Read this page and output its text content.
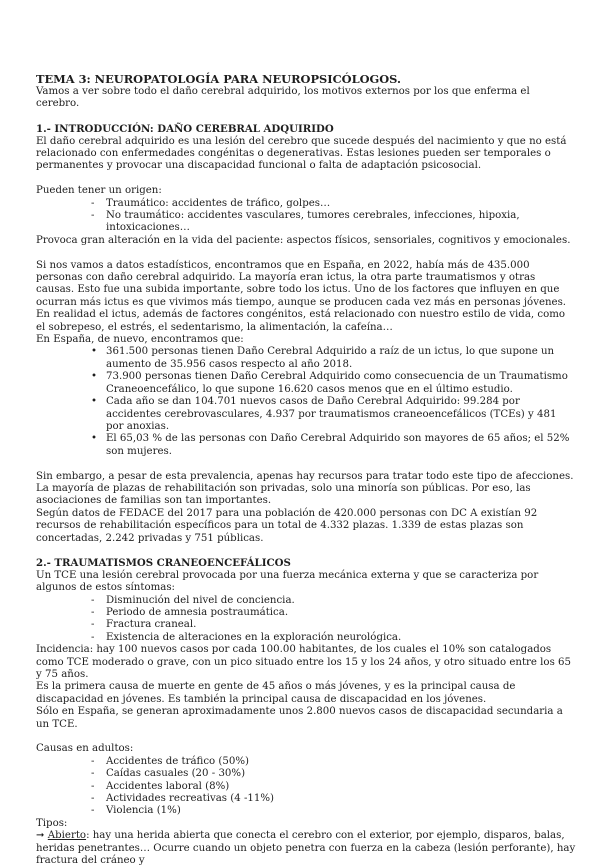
TEMA 3: NEUROPATOLOGÍA PARA NEUROPSICÓLOGOS.

Vamos a ver sobre todo el daño cerebral adquirido, los motivos externos por los que enferma el cerebro.

1.- INTRODUCCIÓN: DAÑO CEREBRAL ADQUIRIDO

El daño cerebral adquirido es una lesión del cerebro que sucede después del nacimiento y que no está relacionado con enfermedades congénitas o degenerativas. Estas lesiones pueden ser temporales o permanentes y provocar una discapacidad funcional o falta de adaptación psicosocial.

Pueden tener un origen:

- Traumático: accidentes de tráfico, golpes…
- No traumático: accidentes vasculares, tumores cerebrales, infecciones, hipoxia, intoxicaciones…

Provoca gran alteración en la vida del paciente: aspectos físicos, sensoriales, cognitivos y emocionales.

Si nos vamos a datos estadísticos, encontramos que en España, en 2022, había más de 435.000 personas con daño cerebral adquirido. La mayoría eran ictus, la otra parte traumatismos y otras causas. Esto fue una subida importante, sobre todo los ictus. Uno de los factores que influyen en que ocurran más ictus es que vivimos más tiempo, aunque se producen cada vez más en personas jóvenes. En realidad el ictus, además de factores congénitos, está relacionado con nuestro estilo de vida, como el sobrepeso, el estrés, el sedentarismo, la alimentación, la cafeína…

En España, de nuevo, encontramos que:

• 361.500 personas tienen Daño Cerebral Adquirido a raíz de un ictus, lo que supone un aumento de 35.956 casos respecto al año 2018.
• 73.900 personas tienen Daño Cerebral Adquirido como consecuencia de un Traumatismo Craneoencefálico, lo que supone 16.620 casos menos que en el último estudio.
• Cada año se dan 104.701 nuevos casos de Daño Cerebral Adquirido: 99.284 por accidentes cerebrovasculares, 4.937 por traumatismos craneoencefálicos (TCEs) y 481 por anoxias.
• El 65,03 % de las personas con Daño Cerebral Adquirido son mayores de 65 años; el 52% son mujeres.

Sin embargo, a pesar de esta prevalencia, apenas hay recursos para tratar todo este tipo de afecciones. La mayoría de plazas de rehabilitación son privadas, solo una minoría son públicas. Por eso, las asociaciones de familias son tan importantes.

Según datos de FEDACE del 2017 para una población de 420.000 personas con DC A existían 92 recursos de rehabilitación específicos para un total de 4.332 plazas. 1.339 de estas plazas son concertadas, 2.242 privadas y 751 públicas.

2.- TRAUMATISMOS CRANEOENCEFÁLICOS

Un TCE una lesión cerebral provocada por una fuerza mecánica externa y que se caracteriza por algunos de estos síntomas:

- Disminución del nivel de conciencia.
- Periodo de amnesia postraumática.
- Fractura craneal.
- Existencia de alteraciones en la exploración neurológica.

Incidencia: hay 100 nuevos casos por cada 100.00 habitantes, de los cuales el 10% son catalogados como TCE moderado o grave, con un pico situado entre los 15 y los 24 años, y otro situado entre los 65 y 75 años.

Es la primera causa de muerte en gente de 45 años o más jóvenes, y es la principal causa de discapacidad en jóvenes. Es también la principal causa de discapacidad en los jóvenes.

Sólo en España, se generan aproximadamente unos 2.800 nuevos casos de discapacidad secundaria a un TCE.

Causas en adultos:

- Accidentes de tráfico (50%)
- Caídas casuales (20 - 30%)
- Accidentes laboral (8%)
- Actividades recreativas (4 -11%)
- Violencia (1%)

Tipos:

➞ Abierto: hay una herida abierta que conecta el cerebro con el exterior, por ejemplo, disparos, balas, heridas penetrantes… Ocurre cuando un objeto penetra con fuerza en la cabeza (lesión perforante), hay fractura del cráneo y
